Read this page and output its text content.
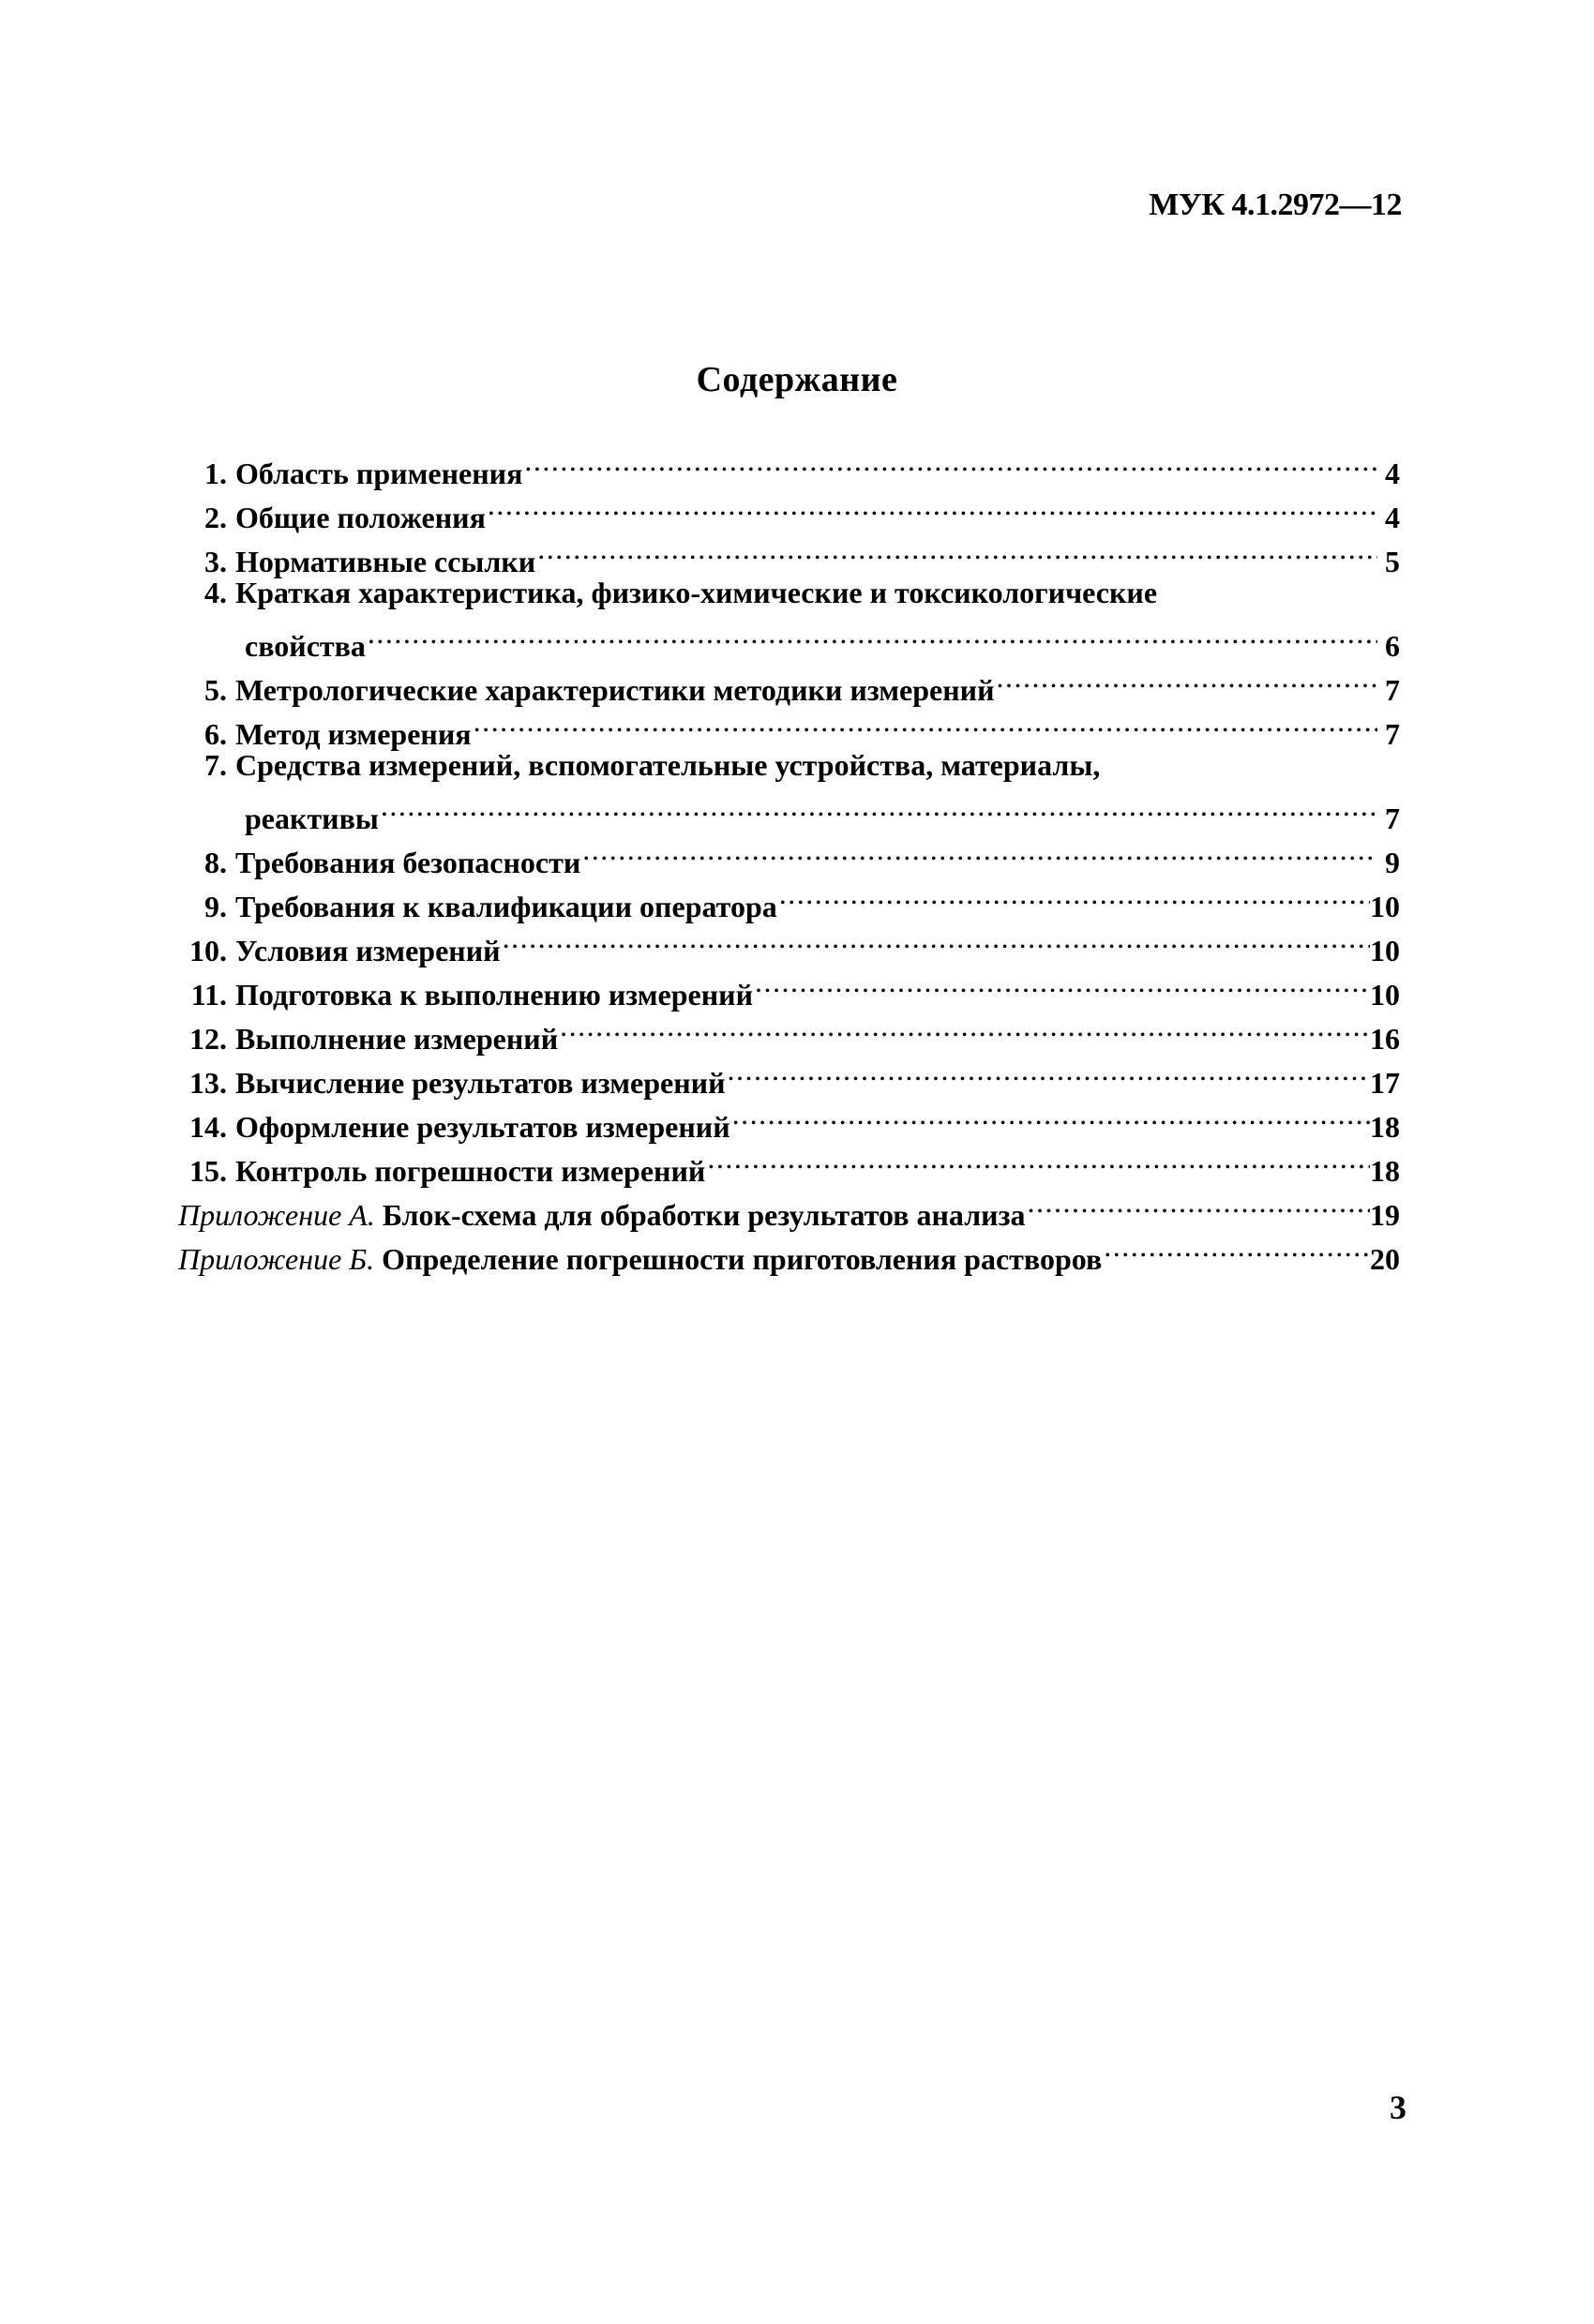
МУК 4.1.2972—12
Содержание
1. Область применения .....	4
2. Общие положения .....	4
3. Нормативные ссылки .....	5
4. Краткая характеристика, физико-химические и токсикологические
свойства .....	6
5. Метрологические характеристики методики измерений .....	7
6. Метод измерения .....	7
7. Средства измерений, вспомогательные устройства, материалы,
реактивы .....	7
8. Требования безопасности .....	9
9. Требования к квалификации оператора .....	10
10. Условия измерений .....	10
11. Подготовка к выполнению измерений .....	10
12. Выполнение измерений .....	16
13. Вычисление результатов измерений .....	17
14. Оформление результатов измерений .....	18
15. Контроль погрешности измерений .....	18
Приложение А. Блок-схема для обработки результатов анализа .....	19
Приложение Б. Определение погрешности приготовления растворов .....	20
3
